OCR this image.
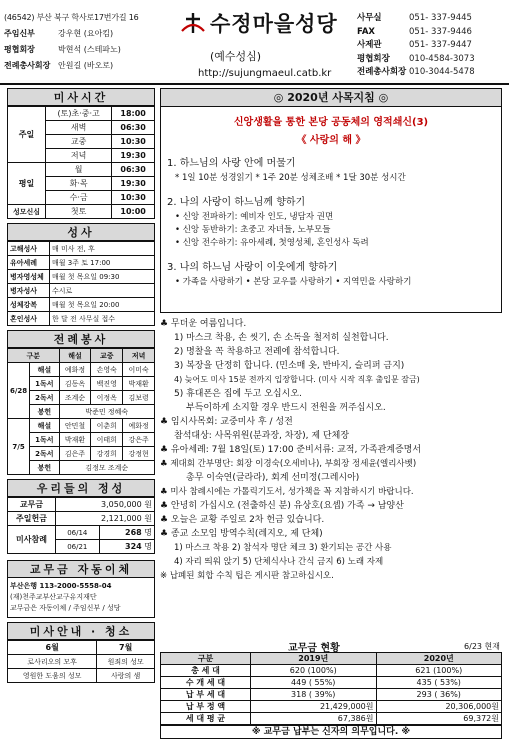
(46542) 부산 북구 학사로17번가길 16
주임신부	강우현 (요아킴)
평협회장	박현석 (스테파노)
전례총사회장 안원길 (바오로)
수정마을성당
(예수성심)
http://sujungmaeul.catb.kr
사무실	051- 337-9445
FAX	051- 337-9446
사제관	051- 337-9447
평협회장 010-4584-3073
전례총사회장 010-3044-5478
미사시간
주일	(토)초·중·고	18:00
	새벽	06:30
	교중	10:30
	저녁	19:30
평일	월	06:30
	화·목	19:30
	수·금	10:30
성모신심	첫토	10:00
성사
고해성사	매 미사 전, 후
유아세례	매월 3주 토 17:00
병자영성체	매월 첫 목요일 09:30
병자성사	수시로
성체강복	매월 첫 목요일 20:00
혼인성사	한 달 전 사무실 접수
전례봉사
구분		해설	교중	저녁
6/28	해설	예화정	손영숙	이미숙
	1독서	김동옥	백진영	박재환
	2독서	조계순	이정옥	김보령
	봉헌	박준민 정혜숙		
7/5	해설	안민철	이춘희	예화정
	1독서	박재환	이태희	강은주
	2독서	김은주	강경희	강정현
	봉헌	김정모 조계순		
우리들의 정성
교무금	3,050,000 원	
주일헌금	2,121,000 원	
미사참례	06/14	268 명
	06/21	324 명
교무금 자동이체
부산은행 113-2000-5558-04
(재)천주교부산교구유지재단
교무금은 자동이체 / 주임신부 / 성당
미사안내 · 청소
6월	7월
로사리오의 모후	원죄의 성모
영원한 도움의 성모	사랑의 샘
◎ 2020년 사목지침 ◎
신앙생활을 통한 본당 공동체의 영적쇄신(3)
《 사랑의 해 》
1. 하느님의 사랑 안에 머물기
* 1일 10분 성경읽기 * 1주 20분 성체조배 * 1달 30분 성시간
2. 나의 사랑이 하느님께 향하기
• 신앙 전파하기: 예비자 인도, 냉담자 권면
• 신앙 동반하기: 초중고 자녀들, 노부모들
• 신앙 전수하기: 유아세례, 첫영성체, 혼인성사 독려
3. 나의 하느님 사랑이 이웃에게 향하기
• 가족을 사랑하기 • 본당 교우를 사랑하기 • 지역민을 사랑하기
♣ 무더운 여름입니다.
1) 마스크 착용, 손 씻기, 손 소독을 철저히 실천합니다.
2) 명찰을 꼭 착용하고 전례에 참석합니다.
3) 복장을 단정히 합니다. (민소매 옷, 반바지, 슬리퍼 금지)
4) 늦어도 미사 15분 전까지 입장합니다. (미사 시작 직후 출입문 잠금)
5) 휴대폰은 집에 두고 오십시오.
부득이하게 소지할 경우 반드시 전원을 꺼주십시오.
♣ 임시사목회: 교중미사 후 / 성전
참석대상: 사목위원(분과장, 차장), 제 단체장
♣ 유아세례: 7월 18일(토) 17:00 준비서류: 교적, 가족관계증명서
♣ 제대회 간부명단: 회장 이경숙(오세비나), 부회장 정세윤(엘리사벳)
총무 이숙연(글라라), 회계 선미정(그레시아)
♣ 미사 참례시에는 가톨릭기도서, 성가책을 꼭 지참하시기 바랍니다.
♣ 안녕히 가십시오 (전출하신 분) 유상호(요셉) 가족 → 남양산
♣ 오늘은 교황 주일로 2차 헌금 있습니다.
♣ 종교 소모임 방역수칙(레지오, 제 단체)
1) 마스크 착용 2) 참석자 명단 체크 3) 환기되는 공간 사용
4) 자리 띄워 앉기 5) 단체식사나 간식 금지 6) 노래 자제
※ 납폐된 회합 수칙 팁은 게시판 참고하십시오.
교무금 현황	6/23 현재
구분	2019년	2020년
총 세 대	620 (100%)	621 (100%)
수 개 세 대	449 ( 55%)	435 ( 53%)
납 부 세 대	318 ( 39%)	293 ( 36%)
납 부 정 액	21,429,000원	20,306,000원
세 대 평 균	67,386원	69,372원
※ 교무금 납부는 신자의 의무입니다. ※
